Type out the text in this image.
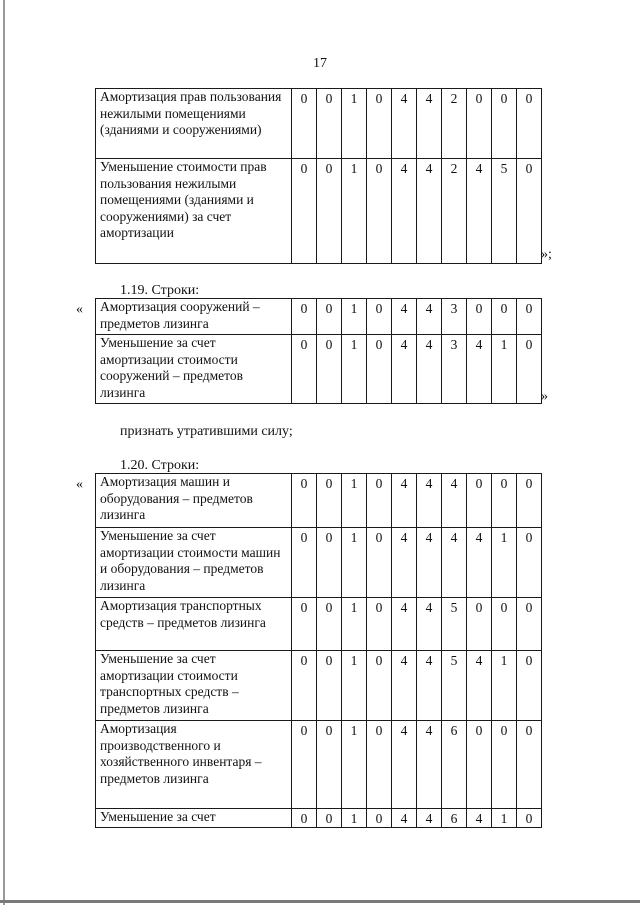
17
Амортизация прав пользования нежилыми помещениями (зданиями и сооружениями)	0	0	1	0	4	4	2	0	0	0
Уменьшение стоимости прав пользования нежилыми помещениями (зданиями и сооружениями) за счет амортизации	0	0	1	0	4	4	2	4	5	0
»;
1.19. Строки:
« Амортизация сооружений – предметов лизинга	0	0	1	0	4	4	3	0	0	0
Уменьшение за счет амортизации стоимости сооружений – предметов лизинга	0	0	1	0	4	4	3	4	1	0
»
признать утратившими силу;
1.20. Строки:
« Амортизация машин и оборудования – предметов лизинга	0	0	1	0	4	4	4	0	0	0
Уменьшение за счет амортизации стоимости машин и оборудования – предметов лизинга	0	0	1	0	4	4	4	4	1	0
Амортизация транспортных средств – предметов лизинга	0	0	1	0	4	4	5	0	0	0
Уменьшение за счет амортизации стоимости транспортных средств – предметов лизинга	0	0	1	0	4	4	5	4	1	0
Амортизация производственного и хозяйственного инвентаря – предметов лизинга	0	0	1	0	4	4	6	0	0	0
Уменьшение за счет	0	0	1	0	4	4	6	4	1	0
